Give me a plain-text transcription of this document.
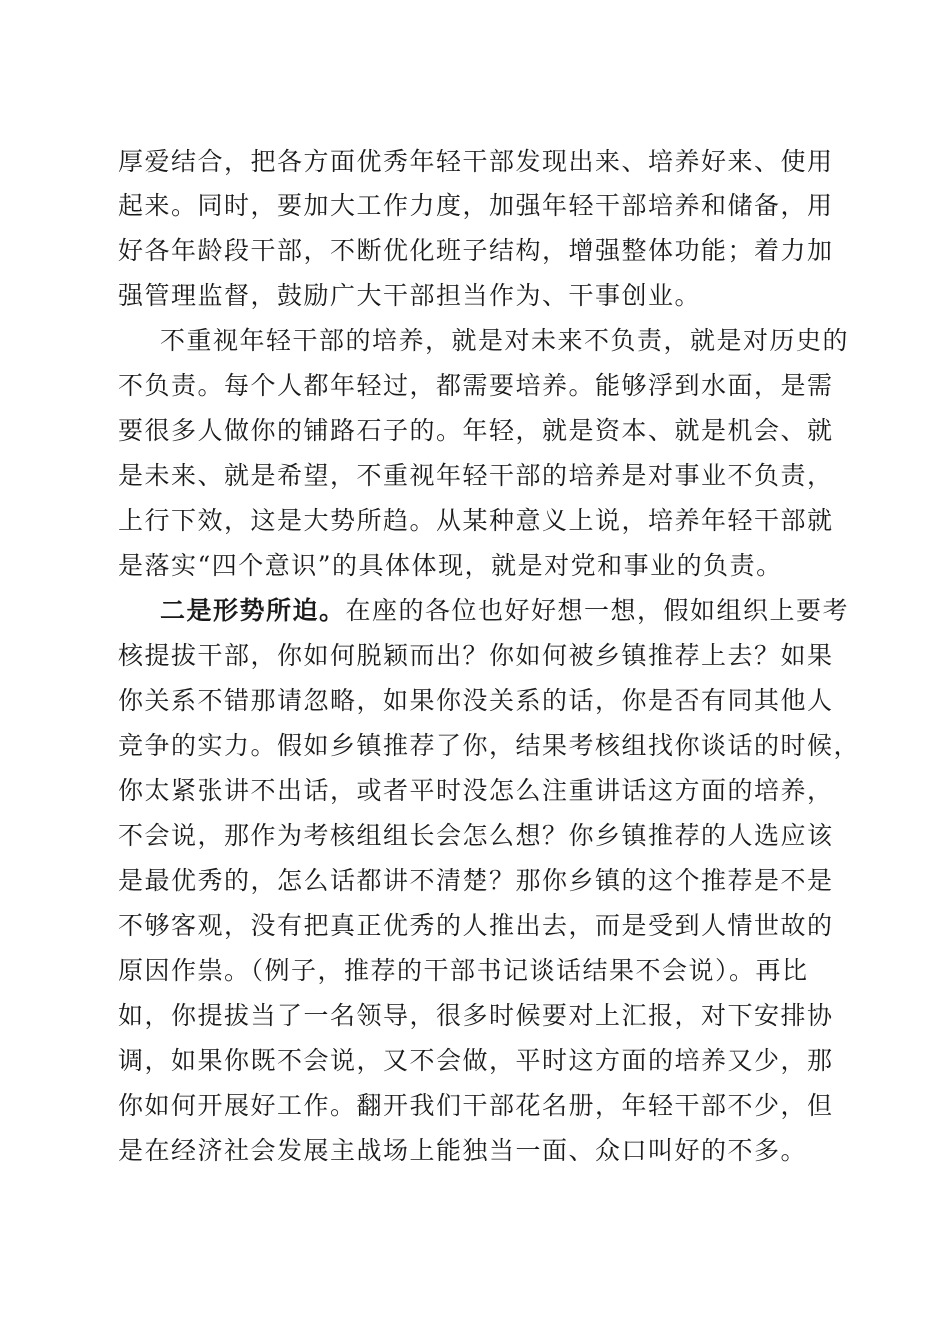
厚爱结合，把各方面优秀年轻干部发现出来、培养好来、使用
起来。同时，要加大工作力度，加强年轻干部培养和储备，用
好各年龄段干部，不断优化班子结构，增强整体功能；着力加
强管理监督，鼓励广大干部担当作为、干事创业。
不重视年轻干部的培养，就是对未来不负责，就是对历史的
不负责。每个人都年轻过，都需要培养。能够浮到水面，是需
要很多人做你的铺路石子的。年轻，就是资本、就是机会、就
是未来、就是希望，不重视年轻干部的培养是对事业不负责，
上行下效，这是大势所趋。从某种意义上说，培养年轻干部就
是落实“四个意识”的具体体现，就是对党和事业的负责。
二是形势所迫。在座的各位也好好想一想，假如组织上要考
核提拔干部，你如何脱颖而出？你如何被乡镇推荐上去？如果
你关系不错那请忽略，如果你没关系的话，你是否有同其他人
竞争的实力。假如乡镇推荐了你，结果考核组找你谈话的时候，
你太紧张讲不出话，或者平时没怎么注重讲话这方面的培养，
不会说，那作为考核组组长会怎么想？你乡镇推荐的人选应该
是最优秀的，怎么话都讲不清楚？那你乡镇的这个推荐是不是
不够客观，没有把真正优秀的人推出去，而是受到人情世故的
原因作祟。（例子，推荐的干部书记谈话结果不会说）。再比
如，你提拔当了一名领导，很多时候要对上汇报，对下安排协
调，如果你既不会说，又不会做，平时这方面的培养又少，那
你如何开展好工作。翻开我们干部花名册，年轻干部不少，但
是在经济社会发展主战场上能独当一面、众口叫好的不多。
